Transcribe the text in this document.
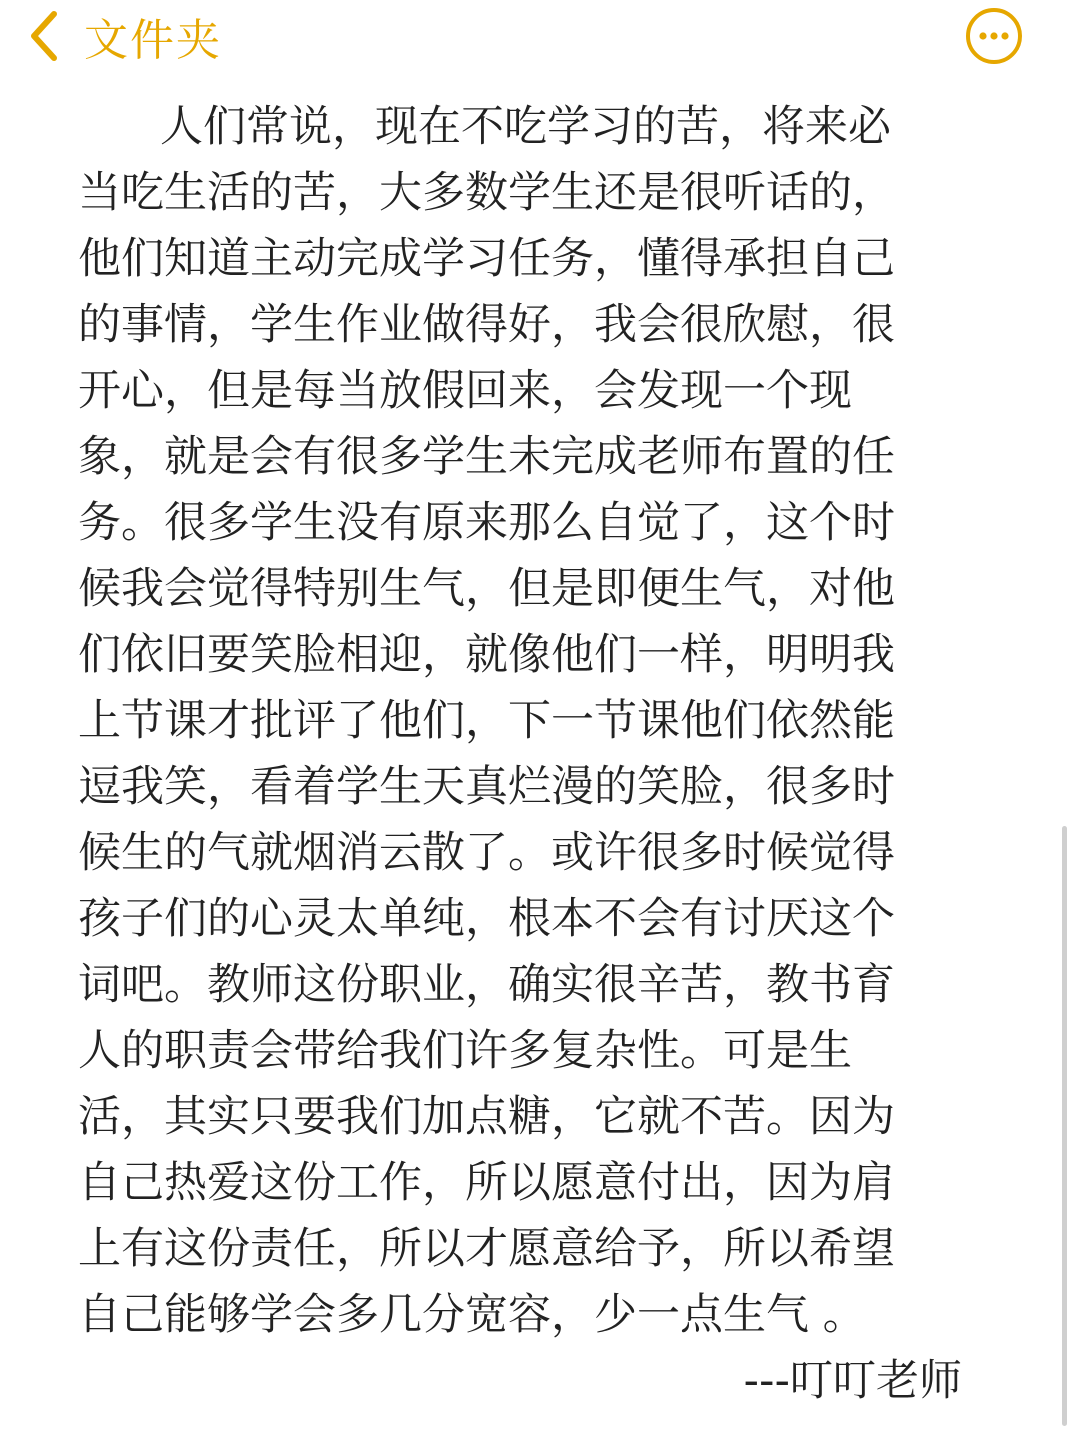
文件夹
人们常说，现在不吃学习的苦，将来必
当吃生活的苦，大多数学生还是很听话的，
他们知道主动完成学习任务，懂得承担自己
的事情，学生作业做得好，我会很欣慰，很
开心，但是每当放假回来，会发现一个现
象，就是会有很多学生未完成老师布置的任
务。很多学生没有原来那么自觉了，这个时
候我会觉得特别生气，但是即便生气，对他
们依旧要笑脸相迎，就像他们一样，明明我
上节课才批评了他们，下一节课他们依然能
逗我笑，看着学生天真烂漫的笑脸，很多时
候生的气就烟消云散了。或许很多时候觉得
孩子们的心灵太单纯，根本不会有讨厌这个
词吧。教师这份职业，确实很辛苦，教书育
人的职责会带给我们许多复杂性。可是生
活，其实只要我们加点糖，它就不苦。因为
自己热爱这份工作，所以愿意付出，因为肩
上有这份责任，所以才愿意给予，所以希望
自己能够学会多几分宽容，少一点生气 。
---叮叮老师
